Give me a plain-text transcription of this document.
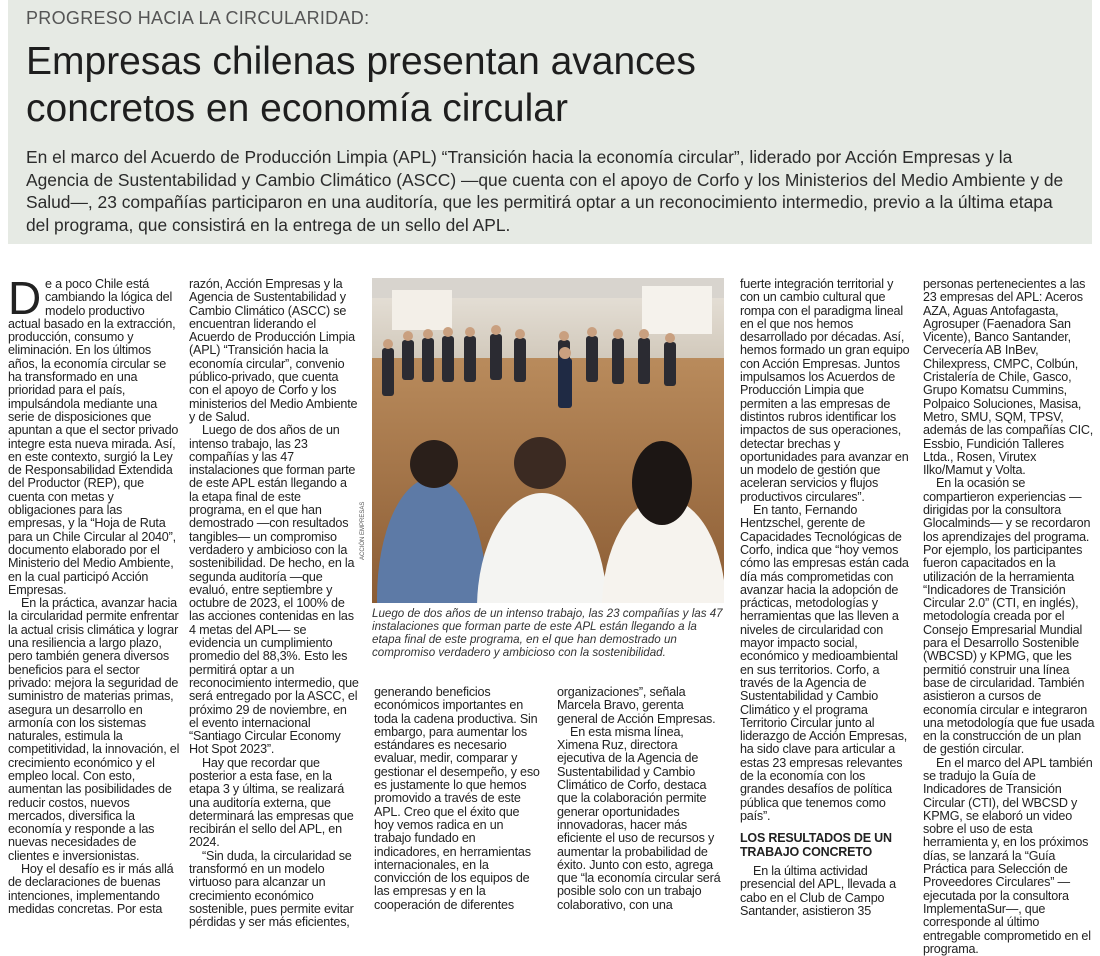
PROGRESO HACIA LA CIRCULARIDAD:
Empresas chilenas presentan avances
concretos en economía circular
En el marco del Acuerdo de Producción Limpia (APL) “Transición hacia la economía circular”, liderado por Acción Empresas y la Agencia de Sustentabilidad y Cambio Climático (ASCC) —que cuenta con el apoyo de Corfo y los Ministerios del Medio Ambiente y de Salud—, 23 compañías participaron en una auditoría, que les permitirá optar a un reconocimiento intermedio, previo a la última etapa del programa, que consistirá en la entrega de un sello del APL.

De a poco Chile está cambiando la lógica del modelo productivo actual basado en la extracción, producción, consumo y eliminación. En los últimos años, la economía circular se ha transformado en una prioridad para el país, impulsándola mediante una serie de disposiciones que apuntan a que el sector privado integre esta nueva mirada. Así, en este contexto, surgió la Ley de Responsabilidad Extendida del Productor (REP), que cuenta con metas y obligaciones para las empresas, y la “Hoja de Ruta para un Chile Circular al 2040”, documento elaborado por el Ministerio del Medio Ambiente, en la cual participó Acción Empresas.

En la práctica, avanzar hacia la circularidad permite enfrentar la actual crisis climática y lograr una resiliencia a largo plazo, pero también genera diversos beneficios para el sector privado: mejora la seguridad de suministro de materias primas, asegura un desarrollo en armonía con los sistemas naturales, estimula la competitividad, la innovación, el crecimiento económico y el empleo local. Con esto, aumentan las posibilidades de reducir costos, nuevos mercados, diversifica la economía y responde a las nuevas necesidades de clientes e inversionistas.

Hoy el desafío es ir más allá de declaraciones de buenas intenciones, implementando medidas concretas. Por esta

razón, Acción Empresas y la Agencia de Sustentabilidad y Cambio Climático (ASCC) se encuentran liderando el Acuerdo de Producción Limpia (APL) “Transición hacia la economía circular”, convenio público-privado, que cuenta con el apoyo de Corfo y los ministerios del Medio Ambiente y de Salud.

Luego de dos años de un intenso trabajo, las 23 compañías y las 47 instalaciones que forman parte de este APL están llegando a la etapa final de este programa, en el que han demostrado —con resultados tangibles— un compromiso verdadero y ambicioso con la sostenibilidad. De hecho, en la segunda auditoría —que evaluó, entre septiembre y octubre de 2023, el 100% de las acciones contenidas en las 4 metas del APL— se evidencia un cumplimiento promedio del 88,3%. Esto les permitirá optar a un reconocimiento intermedio, que será entregado por la ASCC, el próximo 29 de noviembre, en el evento internacional “Santiago Circular Economy Hot Spot 2023”.

Hay que recordar que posterior a esta fase, en la etapa 3 y última, se realizará una auditoría externa, que determinará las empresas que recibirán el sello del APL, en 2024.

“Sin duda, la circularidad se transformó en un modelo virtuoso para alcanzar un crecimiento económico sostenible, pues permite evitar pérdidas y ser más eficientes,

ACCIÓN EMPRESAS
Luego de dos años de un intenso trabajo, las 23 compañías y las 47 instalaciones que forman parte de este APL están llegando a la etapa final de este programa, en el que han demostrado un compromiso verdadero y ambicioso con la sostenibilidad.

generando beneficios económicos importantes en toda la cadena productiva. Sin embargo, para aumentar los estándares es necesario evaluar, medir, comparar y gestionar el desempeño, y eso es justamente lo que hemos promovido a través de este APL. Creo que el éxito que hoy vemos radica en un trabajo fundado en indicadores, en herramientas internacionales, en la convicción de los equipos de las empresas y en la cooperación de diferentes

organizaciones”, señala Marcela Bravo, gerenta general de Acción Empresas.

En esta misma línea, Ximena Ruz, directora ejecutiva de la Agencia de Sustentabilidad y Cambio Climático de Corfo, destaca que la colaboración permite generar oportunidades innovadoras, hacer más eficiente el uso de recursos y aumentar la probabilidad de éxito. Junto con esto, agrega que “la economía circular será posible solo con un trabajo colaborativo, con una

fuerte integración territorial y con un cambio cultural que rompa con el paradigma lineal en el que nos hemos desarrollado por décadas. Así, hemos formado un gran equipo con Acción Empresas. Juntos impulsamos los Acuerdos de Producción Limpia que permiten a las empresas de distintos rubros identificar los impactos de sus operaciones, detectar brechas y oportunidades para avanzar en un modelo de gestión que aceleran servicios y flujos productivos circulares”.

En tanto, Fernando Hentzschel, gerente de Capacidades Tecnológicas de Corfo, indica que “hoy vemos cómo las empresas están cada día más comprometidas con avanzar hacia la adopción de prácticas, metodologías y herramientas que las lleven a niveles de circularidad con mayor impacto social, económico y medioambiental en sus territorios. Corfo, a través de la Agencia de Sustentabilidad y Cambio Climático y el programa Territorio Circular junto al liderazgo de Acción Empresas, ha sido clave para articular a estas 23 empresas relevantes de la economía con los grandes desafíos de política pública que tenemos como país”.

LOS RESULTADOS DE UN TRABAJO CONCRETO

En la última actividad presencial del APL, llevada a cabo en el Club de Campo Santander, asistieron 35

personas pertenecientes a las 23 empresas del APL: Aceros AZA, Aguas Antofagasta, Agrosuper (Faenadora San Vicente), Banco Santander, Cervecería AB InBev, Chilexpress, CMPC, Colbún, Cristalería de Chile, Gasco, Grupo Komatsu Cummins, Polpaico Soluciones, Masisa, Metro, SMU, SQM, TPSV, además de las compañías CIC, Essbio, Fundición Talleres Ltda., Rosen, Virutex Ilko/Mamut y Volta.

En la ocasión se compartieron experiencias —dirigidas por la consultora Glocalminds— y se recordaron los aprendizajes del programa. Por ejemplo, los participantes fueron capacitados en la utilización de la herramienta “Indicadores de Transición Circular 2.0” (CTI, en inglés), metodología creada por el Consejo Empresarial Mundial para el Desarrollo Sostenible (WBCSD) y KPMG, que les permitió construir una línea base de circularidad. También asistieron a cursos de economía circular e integraron una metodología que fue usada en la construcción de un plan de gestión circular.

En el marco del APL también se tradujo la Guía de Indicadores de Transición Circular (CTI), del WBCSD y KPMG, se elaboró un video sobre el uso de esta herramienta y, en los próximos días, se lanzará la “Guía Práctica para Selección de Proveedores Circulares” —ejecutada por la consultora ImplementaSur—, que corresponde al último entregable comprometido en el programa.
